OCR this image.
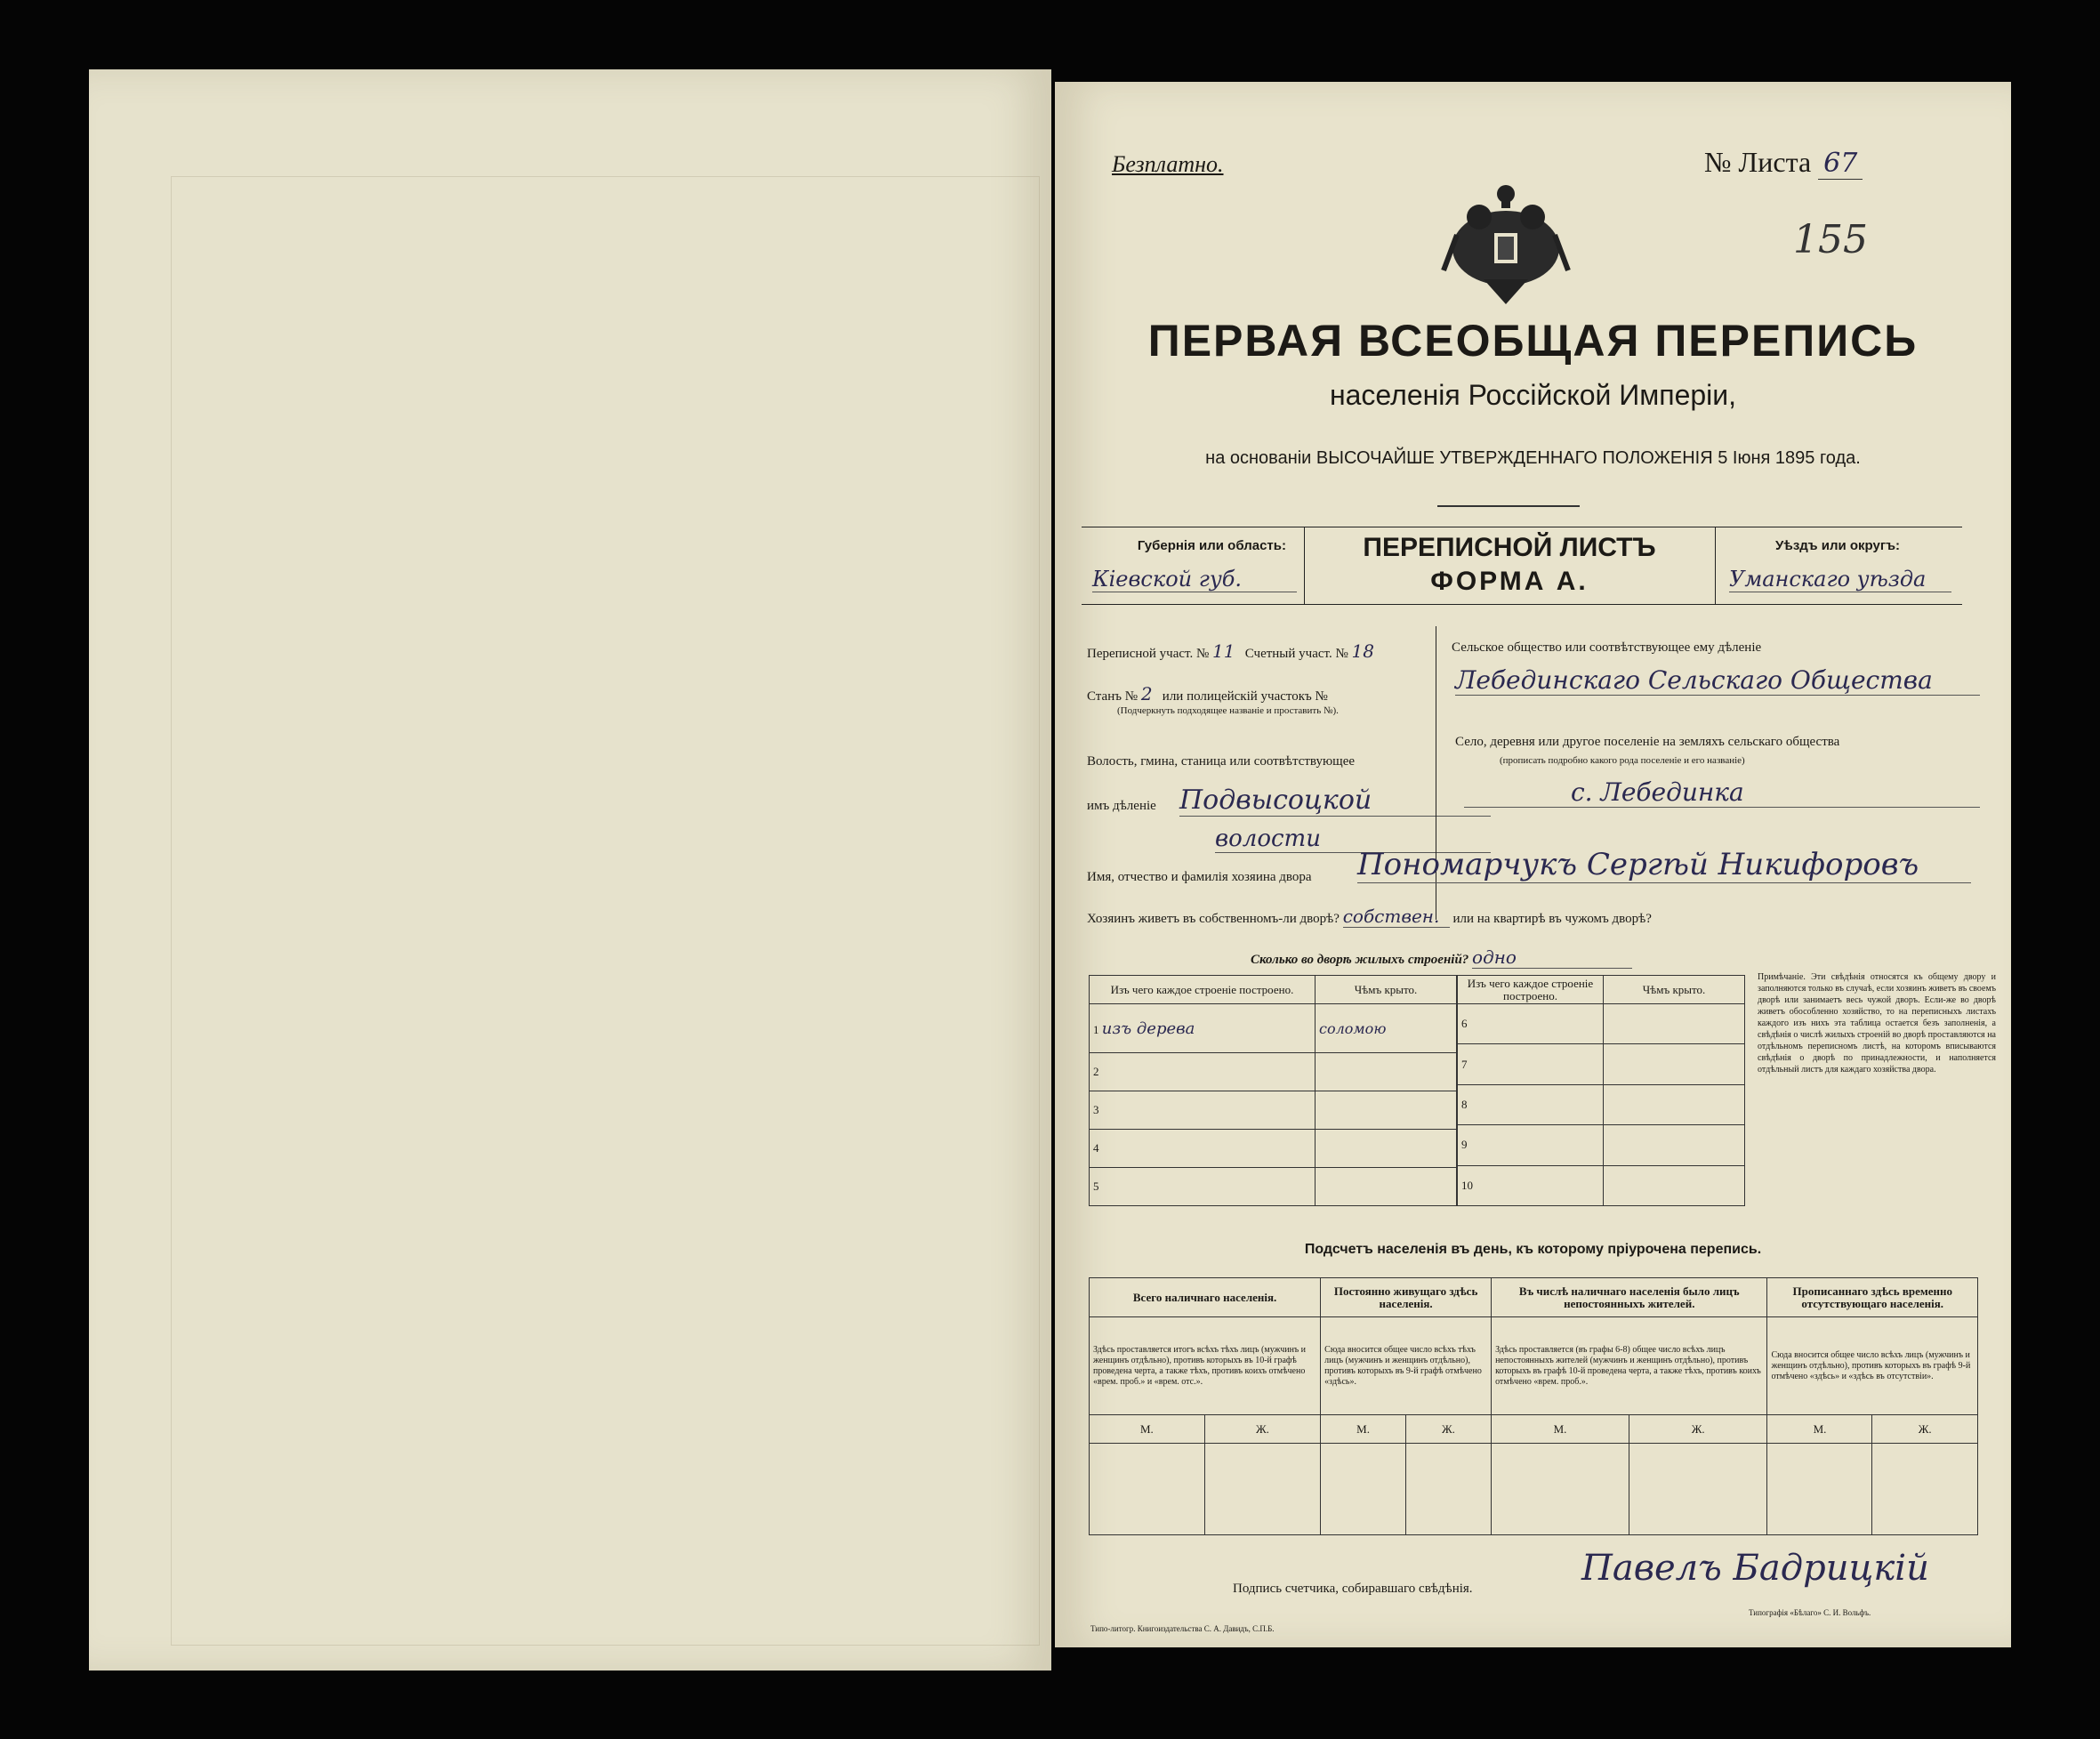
Безплатно.	№ Листа 67
155
ПЕРВАЯ ВСЕОБЩАЯ ПЕРЕПИСЬ
населенія Россійской Имперіи,
на основаніи ВЫСОЧАЙШЕ УТВЕРЖДЕННАГО ПОЛОЖЕНІЯ 5 Іюня 1895 года.
Губернія или область:
Кіевской губ.
ПЕРЕПИСНОЙ ЛИСТЪ
ФОРМА А.
Уѣздъ или округъ:
Уманскаго уѣзда
Переписной участ. № 11 Счетный участ. № 18
Станъ № 2 или полицейскій участокъ №
(Подчеркнуть подходящее названіе и проставить №).
Волость, гмина, станица или соотвѣтствующее
имъ дѣленіе Подвысоцкой
волости
Сельское общество или соотвѣтствующее ему дѣленіе
Лебединскаго Сельскаго Общества
Село, деревня или другое поселеніе на земляхъ сельскаго общества
(прописать подробно какого рода поселеніе и его названіе)
с. Лебединка
Имя, отчество и фамилія хозяина двора Пономарчукъ Сергѣй Никифоровъ
Хозяинъ живетъ въ собственномъ-ли дворѣ? собствен. или на квартирѣ въ чужомъ дворѣ?
Сколько во дворѣ жилыхъ строеній? одно
Изъ чего каждое строеніе построено.	Чѣмъ крыто.
1 изъ дерева	соломою
2	
3	
4	
5	
Изъ чего каждое строеніе построено.	Чѣмъ крыто.
6	
7	
8	
9	
10	
Примѣчаніе. Эти свѣдѣнія относятся къ общему двору и заполняются только въ случаѣ, если хозяинъ живетъ въ своемъ дворѣ или занимаетъ весь чужой дворъ. Если-же во дворѣ живетъ обособленно хозяйство, то на переписныхъ листахъ каждого изъ нихъ эта таблица остается безъ заполненія, а свѣдѣнія о числѣ жилыхъ строеній во дворѣ проставляются на отдѣльномъ переписномъ листѣ, на которомъ вписываются свѣдѣнія о дворѣ по принадлежности, и наполняется отдѣльный листъ для каждаго хозяйства двора.
Подсчетъ населенія въ день, къ которому пріурочена перепись.
Всего наличнаго населенія.		Постоянно живущаго здѣсь населенія.		Въ числѣ наличнаго населенія было лицъ непостоянныхъ жителей.		Прописаннаго здѣсь временно отсутствующаго населенія.	
Здѣсь проставляется итогъ всѣхъ тѣхъ лицъ (мужчинъ и женщинъ отдѣльно), противъ которыхъ въ 10-й графѣ проведена черта, а также тѣхъ, противъ коихъ отмѣчено «врем. проб.» и «врем. отс.».		Сюда вносится общее число всѣхъ тѣхъ лицъ (мужчинъ и женщинъ отдѣльно), противъ которыхъ въ 9-й графѣ отмѣчено «здѣсь».		Здѣсь проставляется (въ графы 6-8) общее число всѣхъ лицъ непостоянныхъ жителей (мужчинъ и женщинъ отдѣльно), противъ которыхъ въ графѣ 10-й проведена черта, а также тѣхъ, противъ коихъ отмѣчено «врем. проб.».		Сюда вносится общее число всѣхъ лицъ (мужчинъ и женщинъ отдѣльно), противъ которыхъ въ графѣ 9-й отмѣчено «здѣсь» и «здѣсь въ отсутствіи».	
М.	Ж.	М.	Ж.	М.	Ж.	М.	Ж.

Подпись счетчика, собиравшаго свѣдѣнія.	Павелъ Бадрицкій
Типо-литогр. Книгоиздательства С. А. Давидъ, С.П.Б.
Типографія «Бѣлаго» С. И. Вольфъ.
